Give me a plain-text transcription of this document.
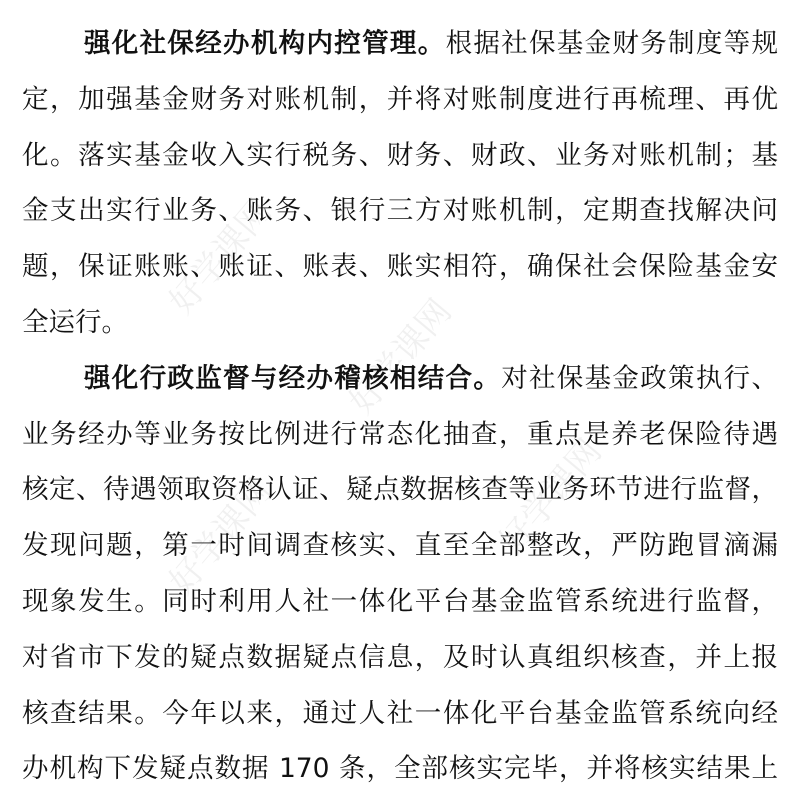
好学课网
好学课网
好学课网	好学课网
强化社保经办机构内控管理。根据社保基金财务制度等规
定，加强基金财务对账机制，并将对账制度进行再梳理、再优
化。落实基金收入实行税务、财务、财政、业务对账机制；基
金支出实行业务、账务、银行三方对账机制，定期查找解决问
题，保证账账、账证、账表、账实相符，确保社会保险基金安
全运行。
强化行政监督与经办稽核相结合。对社保基金政策执行、
业务经办等业务按比例进行常态化抽查，重点是养老保险待遇
核定、待遇领取资格认证、疑点数据核查等业务环节进行监督，
发现问题，第一时间调查核实、直至全部整改，严防跑冒滴漏
现象发生。同时利用人社一体化平台基金监管系统进行监督，
对省市下发的疑点数据疑点信息，及时认真组织核查，并上报
核查结果。今年以来，通过人社一体化平台基金监管系统向经
办机构下发疑点数据 170 条，全部核实完毕，并将核实结果上
